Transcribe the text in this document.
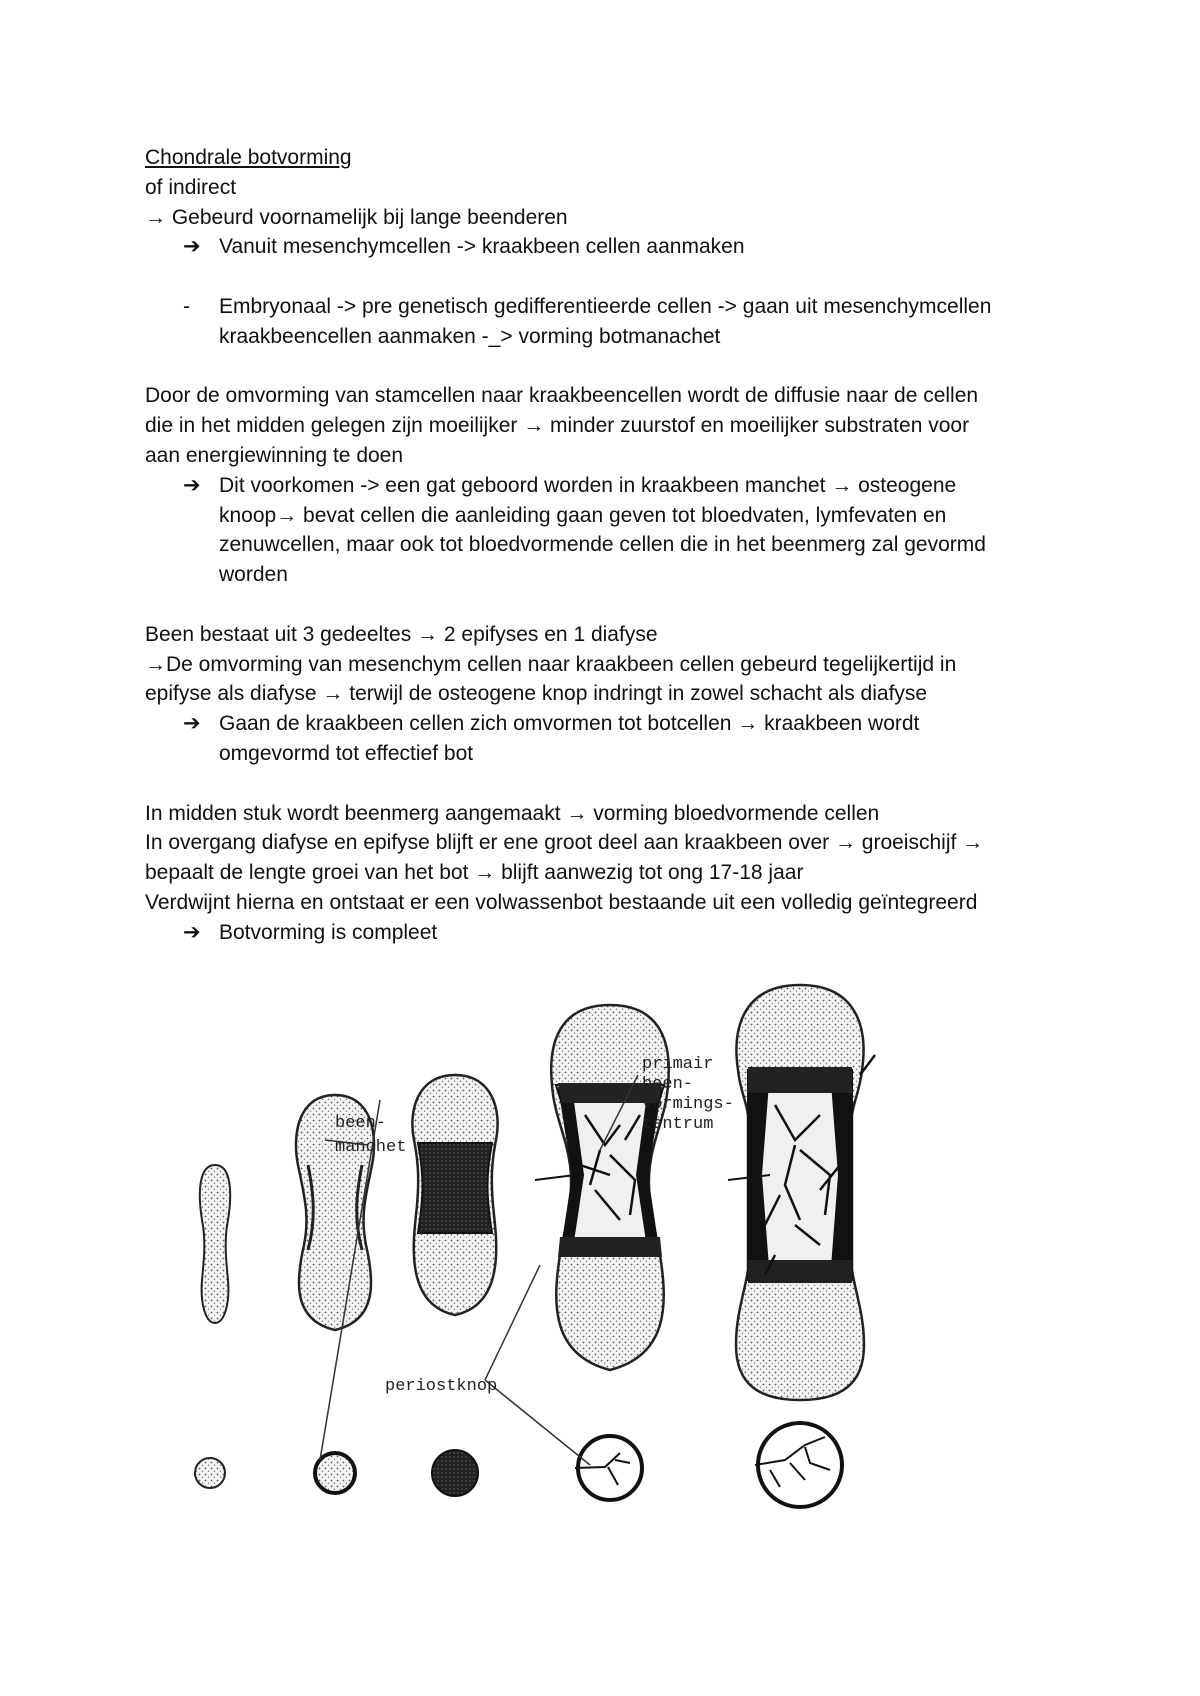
Chondrale botvorming
of indirect
→ Gebeurd voornamelijk bij lange beenderen
➔ Vanuit mesenchymcellen -> kraakbeen cellen aanmaken
- Embryonaal -> pre genetisch gedifferentieerde cellen -> gaan uit mesenchymcellen
kraakbeencellen aanmaken -_> vorming botmanachet
Door de omvorming van stamcellen naar kraakbeencellen wordt de diffusie naar de cellen
die in het midden gelegen zijn moeilijker → minder zuurstof en moeilijker substraten voor
aan energiewinning te doen
➔ Dit voorkomen -> een gat geboord worden in kraakbeen manchet → osteogene
knoop→ bevat cellen die aanleiding gaan geven tot bloedvaten, lymfevaten en
zenuwcellen, maar ook tot bloedvormende cellen die in het beenmerg zal gevormd
worden
Been bestaat uit 3 gedeeltes → 2 epifyses en 1 diafyse
→De omvorming van mesenchym cellen naar kraakbeen cellen gebeurd tegelijkertijd in
epifyse als diafyse → terwijl de osteogene knop indringt in zowel schacht als diafyse
➔ Gaan de kraakbeen cellen zich omvormen tot botcellen → kraakbeen wordt
omgevormd tot effectief bot
In midden stuk wordt beenmerg aangemaakt → vorming bloedvormende cellen
In overgang diafyse en epifyse blijft er ene groot deel aan kraakbeen over → groeischijf →
bepaalt de lengte groei van het bot → blijft aanwezig tot ong 17-18 jaar
Verdwijnt hierna en ontstaat er een volwassenbot bestaande uit een volledig geïntegreerd
➔ Botvorming is compleet
been-
manchet
primair
been-
vormings-
centrum
periostknop
